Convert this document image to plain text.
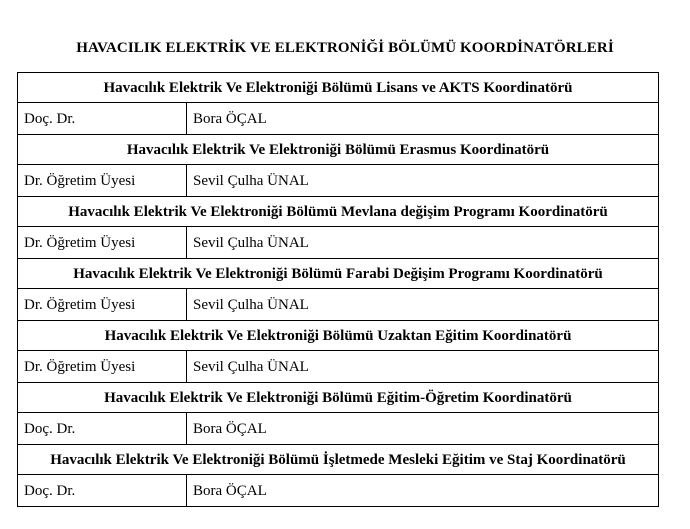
HAVACILIK ELEKTRİK VE ELEKTRONİĞİ BÖLÜMÜ KOORDİNATÖRLERİ
Havacılık Elektrik Ve Elektroniği Bölümü Lisans ve AKTS Koordinatörü	
Doç. Dr.	Bora ÖÇAL
Havacılık Elektrik Ve Elektroniği Bölümü Erasmus Koordinatörü	
Dr. Öğretim Üyesi	Sevil Çulha ÜNAL
Havacılık Elektrik Ve Elektroniği Bölümü Mevlana değişim Programı Koordinatörü	
Dr. Öğretim Üyesi	Sevil Çulha ÜNAL
Havacılık Elektrik Ve Elektroniği Bölümü Farabi Değişim Programı Koordinatörü	
Dr. Öğretim Üyesi	Sevil Çulha ÜNAL
Havacılık Elektrik Ve Elektroniği Bölümü Uzaktan Eğitim Koordinatörü	
Dr. Öğretim Üyesi	Sevil Çulha ÜNAL
Havacılık Elektrik Ve Elektroniği Bölümü Eğitim-Öğretim Koordinatörü	
Doç. Dr.	Bora ÖÇAL
Havacılık Elektrik Ve Elektroniği Bölümü İşletmede Mesleki Eğitim ve Staj Koordinatörü	
Doç. Dr.	Bora ÖÇAL
